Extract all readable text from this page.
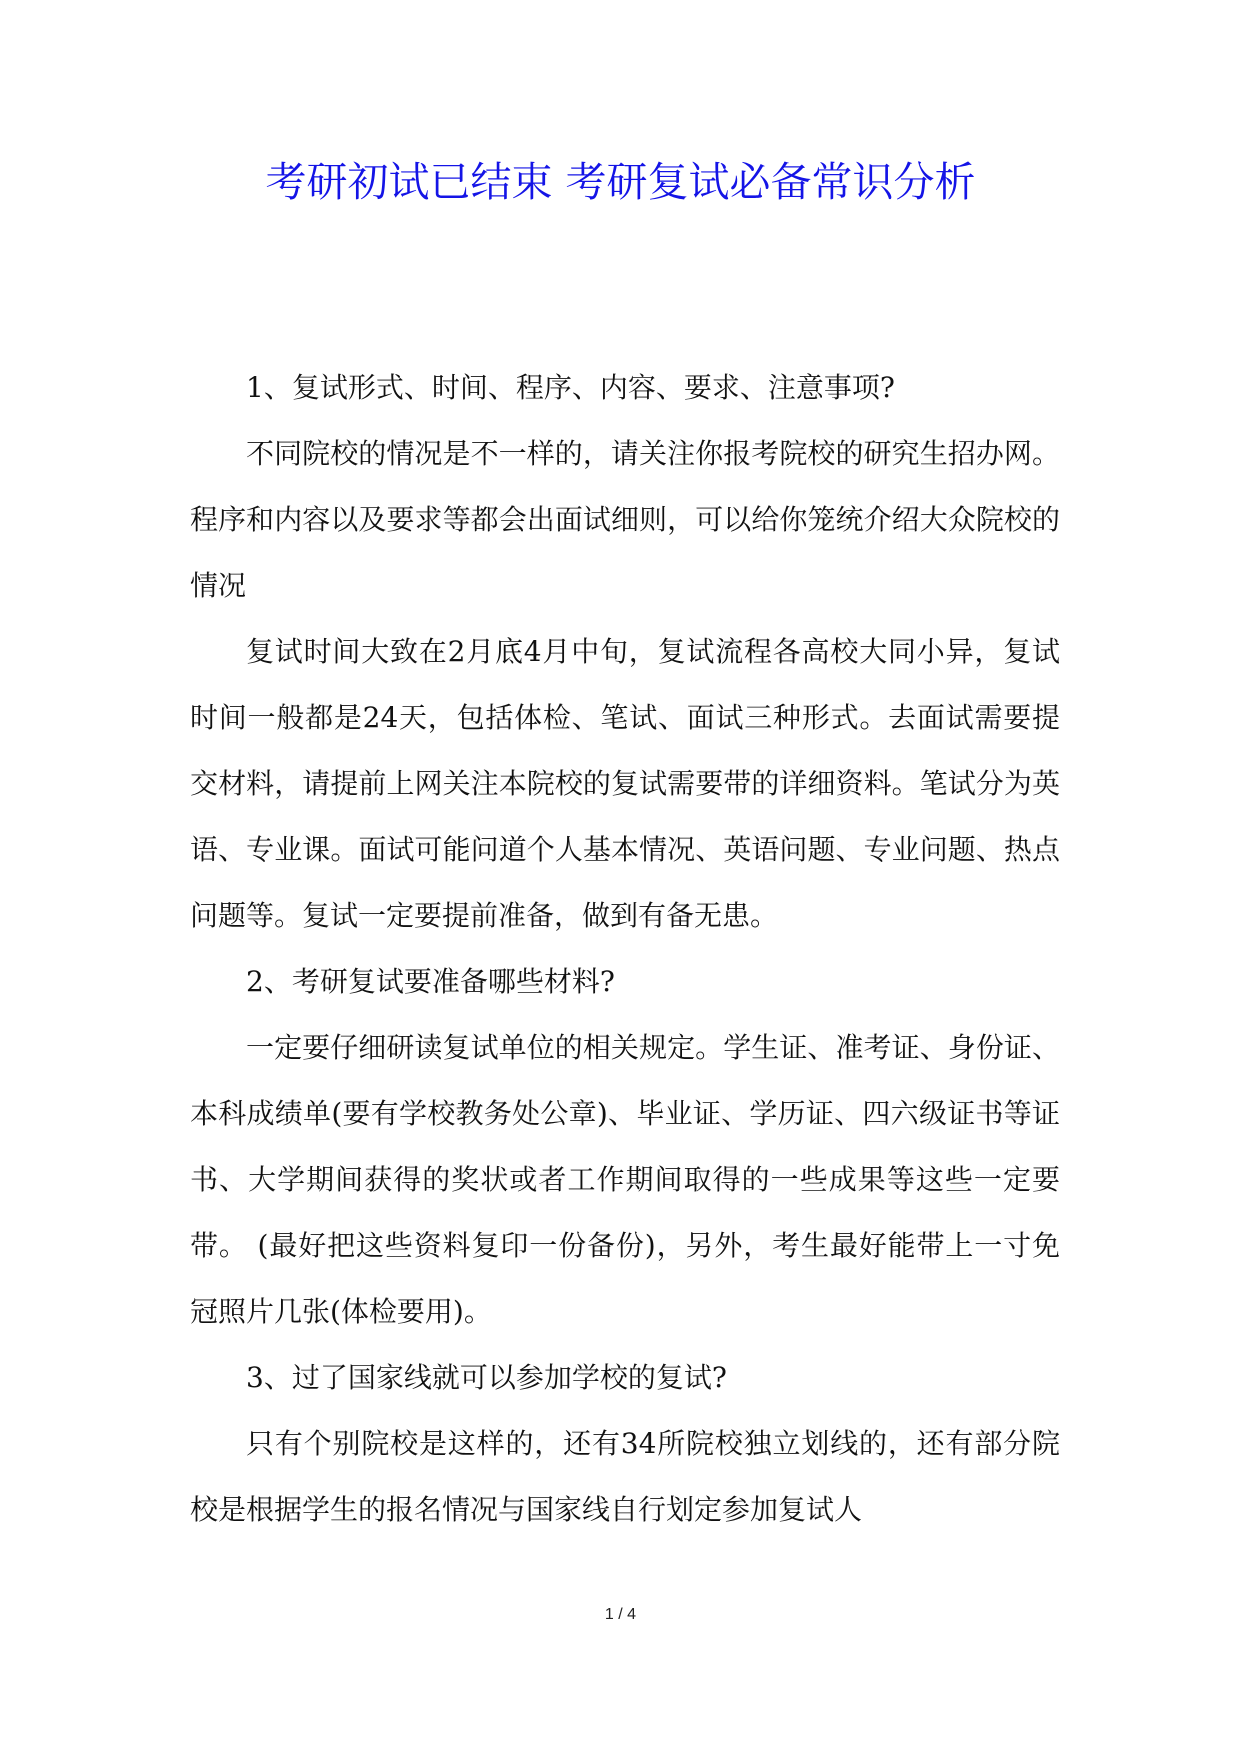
考研初试已结束 考研复试必备常识分析

1、复试形式、时间、程序、内容、要求、注意事项?

不同院校的情况是不一样的，请关注你报考院校的研究生招办网。程序和内容以及要求等都会出面试细则，可以给你笼统介绍大众院校的情况

复试时间大致在2月底4月中旬，复试流程各高校大同小异，复试时间一般都是24天，包括体检、笔试、面试三种形式。去面试需要提交材料，请提前上网关注本院校的复试需要带的详细资料。笔试分为英语、专业课。面试可能问道个人基本情况、英语问题、专业问题、热点问题等。复试一定要提前准备，做到有备无患。

2、考研复试要准备哪些材料?

一定要仔细研读复试单位的相关规定。学生证、准考证、身份证、本科成绩单(要有学校教务处公章)、毕业证、学历证、四六级证书等证书、大学期间获得的奖状或者工作期间取得的一些成果等这些一定要带。 (最好把这些资料复印一份备份)，另外，考生最好能带上一寸免冠照片几张(体检要用)。

3、过了国家线就可以参加学校的复试?

只有个别院校是这样的，还有34所院校独立划线的，还有部分院校是根据学生的报名情况与国家线自行划定参加复试人

1 / 4
